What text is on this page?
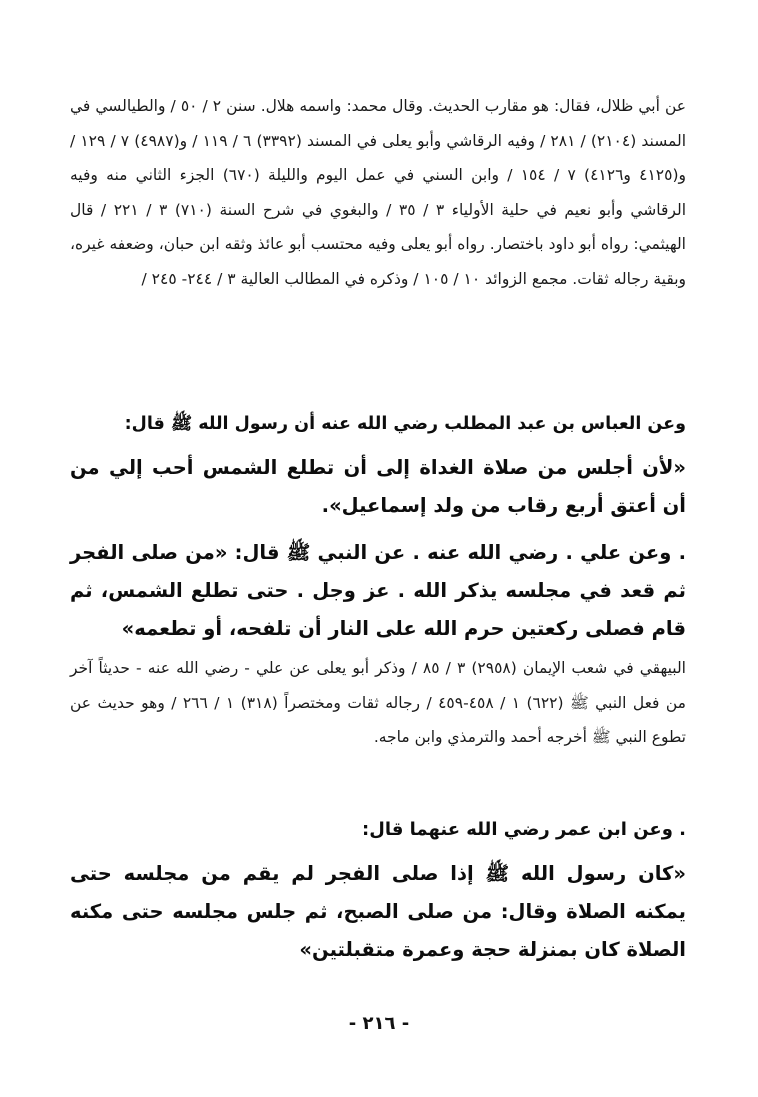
عن أبي ظلال، فقال: هو مقارب الحديث. وقال محمد: واسمه هلال. سنن ٢ / ٥٠ / والطيالسي في المسند (٢١٠٤) / ٢٨١ / وفيه الرقاشي وأبو يعلى في المسند (٣٣٩٢) ٦ / ١١٩ / و(٤٩٨٧) ٧ / ١٢٩ / و(٤١٢٥ و٤١٢٦) ٧ / ١٥٤ / وابن السني في عمل اليوم والليلة (٦٧٠) الجزء الثاني منه وفيه الرقاشي وأبو نعيم في حلية الأولياء ٣ / ٣٥ / والبغوي في شرح السنة (٧١٠) ٣ / ٢٢١ / قال الهيثمي: رواه أبو داود باختصار. رواه أبو يعلى وفيه محتسب أبو عائذ وثقه ابن حبان، وضعفه غيره، وبقية رجاله ثقات. مجمع الزوائد ١٠ / ١٠٥ / وذكره في المطالب العالية ٣ / ٢٤٤- ٢٤٥ /
وعن العباس بن عبد المطلب رضي الله عنه أن رسول الله ﷺ قال:
«لأن أجلس من صلاة الغداة إلى أن تطلع الشمس أحب إلي من أن أعتق أربع رقاب من ولد إسماعيل».
. وعن علي . رضي الله عنه . عن النبي ﷺ قال: «من صلى الفجر ثم قعد في مجلسه يذكر الله . عز وجل . حتى تطلع الشمس، ثم قام فصلى ركعتين حرم الله على النار أن تلفحه، أو تطعمه»
البيهقي في شعب الإيمان (٢٩٥٨) ٣ / ٨٥ / وذكر أبو يعلى عن علي - رضي الله عنه - حديثاً آخر من فعل النبي ﷺ (٦٢٢) ١ / ٤٥٨-٤٥٩ / رجاله ثقات ومختصراً (٣١٨) ١ / ٢٦٦ / وهو حديث عن تطوع النبي ﷺ أخرجه أحمد والترمذي وابن ماجه.
. وعن ابن عمر رضي الله عنهما قال:
«كان رسول الله ﷺ إذا صلى الفجر لم يقم من مجلسه حتى يمكنه الصلاة وقال: من صلى الصبح، ثم جلس مجلسه حتى مكنه الصلاة كان بمنزلة حجة وعمرة متقبلتين»
- ٢١٦ -
